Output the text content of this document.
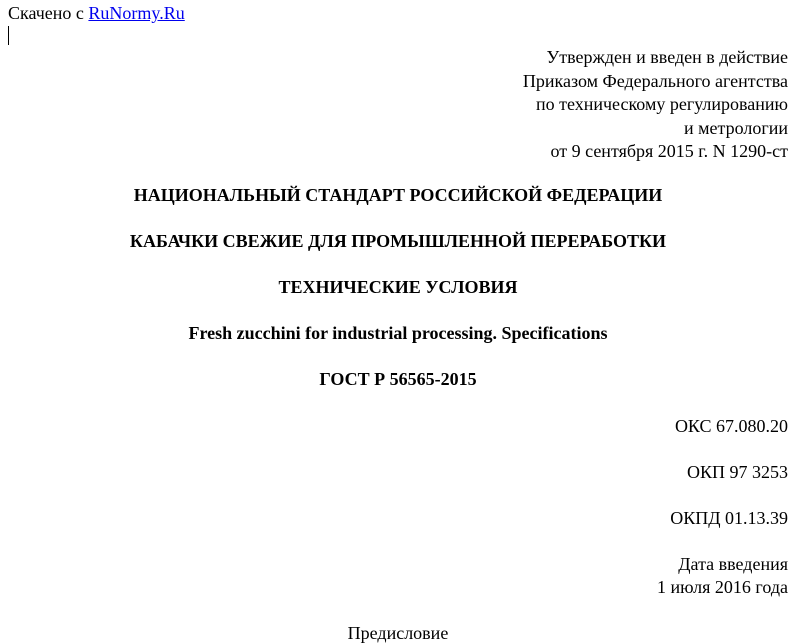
Скачено с RuNormy.Ru
Утвержден и введен в действие
Приказом Федерального агентства
по техническому регулированию
и метрологии
от 9 сентября 2015 г. N 1290-ст
НАЦИОНАЛЬНЫЙ СТАНДАРТ РОССИЙСКОЙ ФЕДЕРАЦИИ
КАБАЧКИ СВЕЖИЕ ДЛЯ ПРОМЫШЛЕННОЙ ПЕРЕРАБОТКИ
ТЕХНИЧЕСКИЕ УСЛОВИЯ
Fresh zucchini for industrial processing. Specifications
ГОСТ Р 56565-2015
ОКС 67.080.20
ОКП 97 3253
ОКПД 01.13.39
Дата введения
1 июля 2016 года
Предисловие
